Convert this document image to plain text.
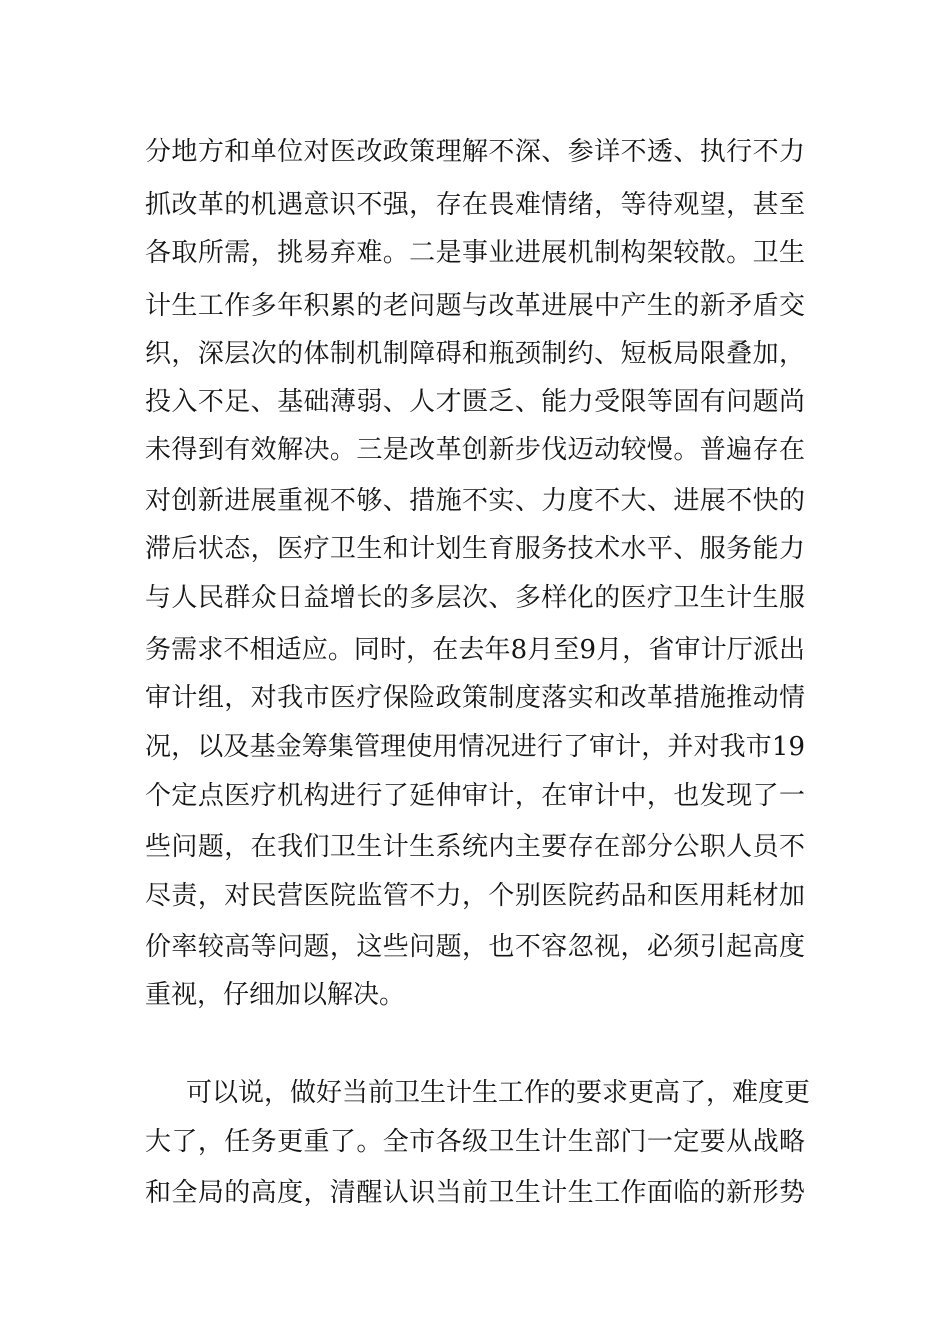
分地方和单位对医改政策理解不深、参详不透、执行不力
抓改革的机遇意识不强，存在畏难情绪，等待观望，甚至
各取所需，挑易弃难。二是事业进展机制构架较散。卫生
计生工作多年积累的老问题与改革进展中产生的新矛盾交
织，深层次的体制机制障碍和瓶颈制约、短板局限叠加，
投入不足、基础薄弱、人才匮乏、能力受限等固有问题尚
未得到有效解决。三是改革创新步伐迈动较慢。普遍存在
对创新进展重视不够、措施不实、力度不大、进展不快的
滞后状态，医疗卫生和计划生育服务技术水平、服务能力
与人民群众日益增长的多层次、多样化的医疗卫生计生服
务需求不相适应。同时，在去年8月至9月，省审计厅派出
审计组，对我市医疗保险政策制度落实和改革措施推动情
况，以及基金筹集管理使用情况进行了审计，并对我市19
个定点医疗机构进行了延伸审计，在审计中，也发现了一
些问题，在我们卫生计生系统内主要存在部分公职人员不
尽责，对民营医院监管不力，个别医院药品和医用耗材加
价率较高等问题，这些问题，也不容忽视，必须引起高度
重视，仔细加以解决。
可以说，做好当前卫生计生工作的要求更高了，难度更
大了，任务更重了。全市各级卫生计生部门一定要从战略
和全局的高度，清醒认识当前卫生计生工作面临的新形势
